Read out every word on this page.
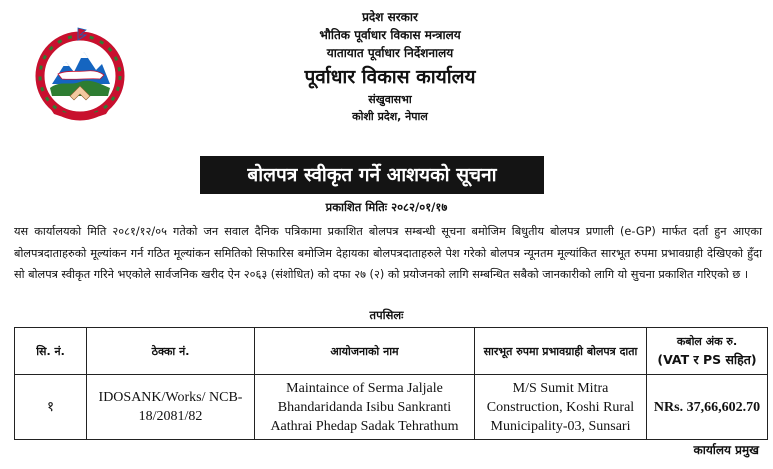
प्रदेश सरकार
भौतिक पूर्वाधार विकास मन्त्रालय
यातायात पूर्वाधार निर्देशनालय
पूर्वाधार विकास कार्यालय
संखुवासभा
कोशी प्रदेश, नेपाल
बोलपत्र स्वीकृत गर्ने आशयको सूचना
प्रकाशित मितिः २०८२/०१/१७
यस कार्यालयको मिति २०८१/१२/०५ गतेको जन सवाल दैनिक पत्रिकामा प्रकाशित बोलपत्र सम्बन्धी सूचना बमोजिम बिधुतीय बोलपत्र प्रणाली (e-GP) मार्फत दर्ता हुन आएका बोलपत्रदाताहरुको मूल्यांकन गर्न गठित मूल्यांकन समितिको सिफारिस बमोजिम देहायका बोलपत्रदाताहरुले पेश गरेको बोलपत्र न्यूनतम मूल्यांकित सारभूत रुपमा प्रभावग्राही देखिएको हुँदा सो बोलपत्र स्वीकृत गरिने भएकोले सार्वजनिक खरीद ऐन २०६३ (संशोधित) को दफा २७ (२) को प्रयोजनको लागि सम्बन्धित सबैको जानकारीको लागि यो सुचना प्रकाशित गरिएको छ ।
तपसिलः
सि. नं.	ठेक्का नं.	आयोजनाको नाम	सारभूत रुपमा प्रभावग्राही बोलपत्र दाता	कबोल अंक रु.
(VAT र PS सहित)

१	IDOSANK/Works/ NCB-18/2081/82	Maintaince of Serma Jaljale Bhandaridanda Isibu Sankranti Aathrai Phedap Sadak Tehrathum	M/S Sumit Mitra Construction, Koshi Rural Municipality-03, Sunsari	NRs. 37,66,602.70
कार्यालय प्रमुख
